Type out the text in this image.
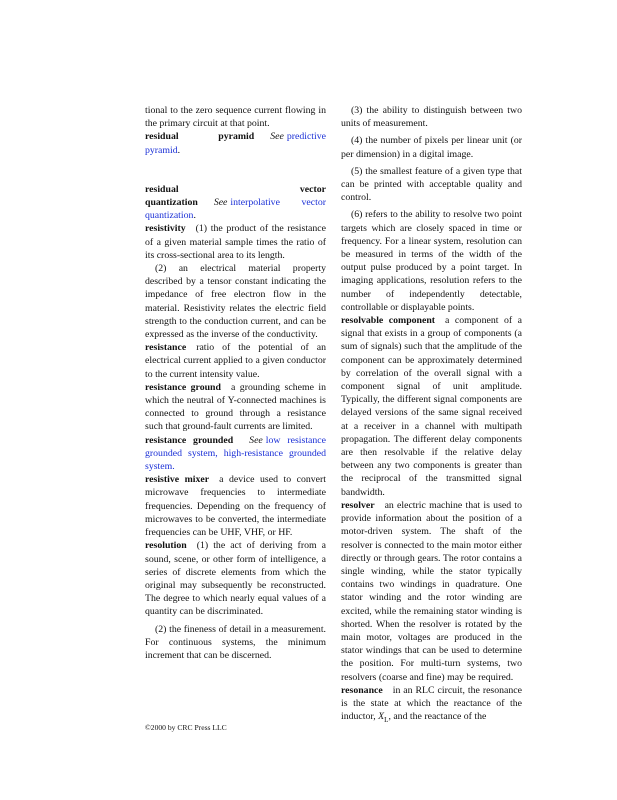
tional to the zero sequence current flowing in the primary circuit at that point.

residual pyramid See predictive pyramid.

residual vector quantization See interpolative vector quantization.

resistivity (1) the product of the resistance of a given material sample times the ratio of its cross-sectional area to its length.

(2) an electrical material property described by a tensor constant indicating the impedance of free electron flow in the material. Resistivity relates the electric field strength to the conduction current, and can be expressed as the inverse of the conductivity.

resistance ratio of the potential of an electrical current applied to a given conductor to the current intensity value.

resistance ground a grounding scheme in which the neutral of Y-connected machines is connected to ground through a resistance such that ground-fault currents are limited.

resistance grounded See low resistance grounded system, high-resistance grounded system.

resistive mixer a device used to convert microwave frequencies to intermediate frequencies. Depending on the frequency of microwaves to be converted, the intermediate frequencies can be UHF, VHF, or HF.

resolution (1) the act of deriving from a sound, scene, or other form of intelligence, a series of discrete elements from which the original may subsequently be reconstructed. The degree to which nearly equal values of a quantity can be discriminated.

(2) the fineness of detail in a measurement. For continuous systems, the minimum increment that can be discerned.

(3) the ability to distinguish between two units of measurement.

(4) the number of pixels per linear unit (or per dimension) in a digital image.

(5) the smallest feature of a given type that can be printed with acceptable quality and control.

(6) refers to the ability to resolve two point targets which are closely spaced in time or frequency. For a linear system, resolution can be measured in terms of the width of the output pulse produced by a point target. In imaging applications, resolution refers to the number of independently detectable, controllable or displayable points.

resolvable component a component of a signal that exists in a group of components (a sum of signals) such that the amplitude of the component can be approximately determined by correlation of the overall signal with a component signal of unit amplitude. Typically, the different signal components are delayed versions of the same signal received at a receiver in a channel with multipath propagation. The different delay components are then resolvable if the relative delay between any two components is greater than the reciprocal of the transmitted signal bandwidth.

resolver an electric machine that is used to provide information about the position of a motor-driven system. The shaft of the resolver is connected to the main motor either directly or through gears. The rotor contains a single winding, while the stator typically contains two windings in quadrature. One stator winding and the rotor winding are excited, while the remaining stator winding is shorted. When the resolver is rotated by the main motor, voltages are produced in the stator windings that can be used to determine the position. For multi-turn systems, two resolvers (coarse and fine) may be required.

resonance in an RLC circuit, the resonance is the state at which the reactance of the inductor, $X_L$, and the reactance of the

©2000 by CRC Press LLC
